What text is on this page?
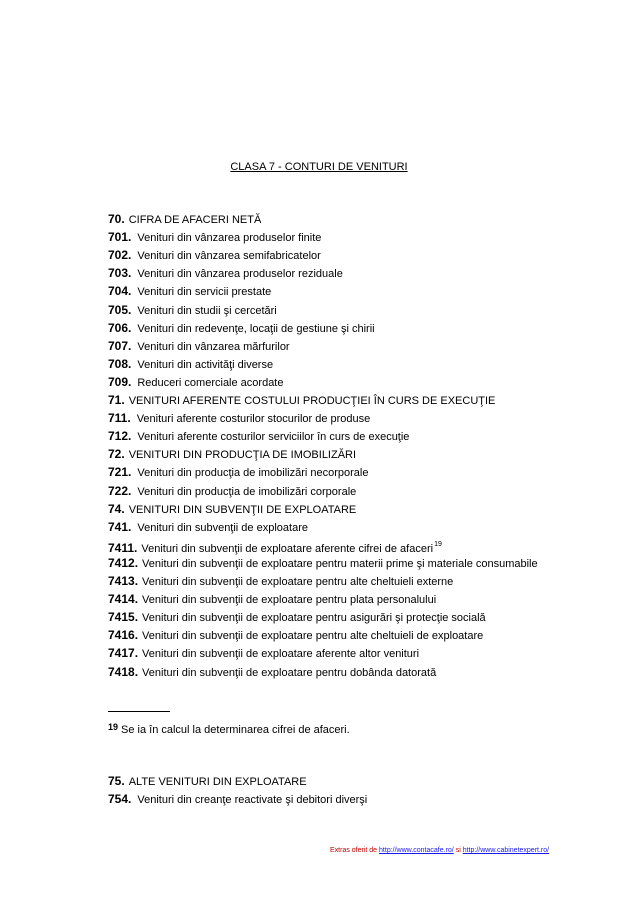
CLASA 7 - CONTURI DE VENITURI
70. CIFRA DE AFACERI NETĂ
701. Venituri din vânzarea produselor finite
702. Venituri din vânzarea semifabricatelor
703. Venituri din vânzarea produselor reziduale
704. Venituri din servicii prestate
705. Venituri din studii şi cercetări
706. Venituri din redevenţe, locaţii de gestiune şi chirii
707. Venituri din vânzarea mărfurilor
708. Venituri din activităţi diverse
709. Reduceri comerciale acordate
71. VENITURI AFERENTE COSTULUI PRODUCŢIEI ÎN CURS DE EXECUŢIE
711. Venituri aferente costurilor stocurilor de produse
712. Venituri aferente costurilor serviciilor în curs de execuţie
72. VENITURI DIN PRODUCŢIA DE IMOBILIZĂRI
721. Venituri din producţia de imobilizări necorporale
722. Venituri din producţia de imobilizări corporale
74. VENITURI DIN SUBVENŢII DE EXPLOATARE
741. Venituri din subvenţii de exploatare
7411. Venituri din subvenţii de exploatare aferente cifrei de afaceri$^{19}$
7412. Venituri din subvenţii de exploatare pentru materii prime şi materiale consumabile
7413. Venituri din subvenţii de exploatare pentru alte cheltuieli externe
7414. Venituri din subvenţii de exploatare pentru plata personalului
7415. Venituri din subvenţii de exploatare pentru asigurări şi protecţie socială
7416. Venituri din subvenţii de exploatare pentru alte cheltuieli de exploatare
7417. Venituri din subvenţii de exploatare aferente altor venituri
7418. Venituri din subvenţii de exploatare pentru dobânda datorată
$^{19}$ Se ia în calcul la determinarea cifrei de afaceri.
75. ALTE VENITURI DIN EXPLOATARE
754. Venituri din creanţe reactivate şi debitori diverşi
Extras oferit de http://www.contacafe.ro/ si http://www.cabinetexpert.ro/
